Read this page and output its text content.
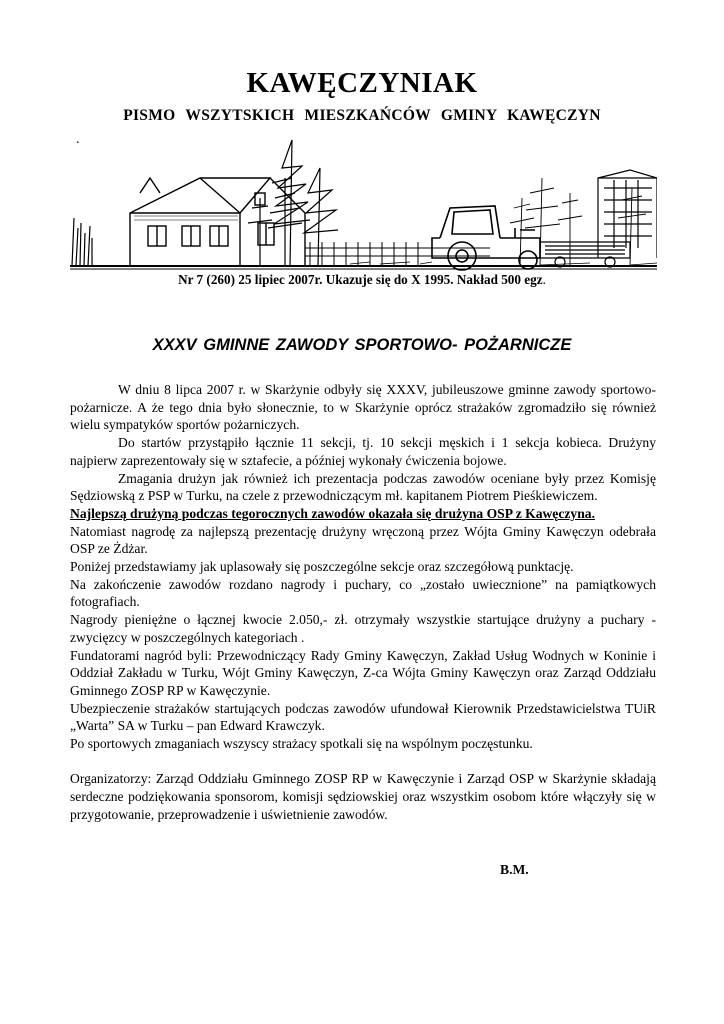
KAWĘCZYNIAK
PISMO WSZYTSKICH MIESZKAŃCÓW GMINY KAWĘCZYN
.
Nr 7 (260) 25 lipiec 2007r. Ukazuje się do X 1995. Nakład 500 egz.
XXXV GMINNE ZAWODY SPORTOWO- POŻARNICZE

W dniu 8 lipca 2007 r. w Skarżynie odbyły się XXXV, jubileuszowe gminne zawody sportowo-pożarnicze. A że tego dnia było słonecznie, to w Skarżynie oprócz strażaków zgromadziło się również wielu sympatyków sportów pożarniczych.

Do startów przystąpiło łącznie 11 sekcji, tj. 10 sekcji męskich i 1 sekcja kobieca. Drużyny najpierw zaprezentowały się w sztafecie, a później wykonały ćwiczenia bojowe.

Zmagania drużyn jak również ich prezentacja podczas zawodów oceniane były przez Komisję Sędziowską z PSP w Turku, na czele z przewodniczącym mł. kapitanem Piotrem Pieśkiewiczem.

Najlepszą drużyną podczas tegorocznych zawodów okazała się drużyna OSP z Kawęczyna.

Natomiast nagrodę za najlepszą prezentację drużyny wręczoną przez Wójta Gminy Kawęczyn odebrała OSP ze Żdżar.

Poniżej przedstawiamy jak uplasowały się poszczególne sekcje oraz szczegółową punktację.

Na zakończenie zawodów rozdano nagrody i puchary, co „zostało uwiecznione” na pamiątkowych fotografiach.

Nagrody pieniężne o łącznej kwocie 2.050,- zł. otrzymały wszystkie startujące drużyny a puchary - zwycięzcy w poszczególnych kategoriach .

Fundatorami nagród byli: Przewodniczący Rady Gminy Kawęczyn, Zakład Usług Wodnych w Koninie i Oddział Zakładu w Turku, Wójt Gminy Kawęczyn, Z-ca Wójta Gminy Kawęczyn oraz Zarząd Oddziału Gminnego ZOSP RP w Kawęczynie.

Ubezpieczenie strażaków startujących podczas zawodów ufundował Kierownik Przedstawicielstwa TUiR „Warta” SA w Turku – pan Edward Krawczyk.

Po sportowych zmaganiach wszyscy strażacy spotkali się na wspólnym poczęstunku.

Organizatorzy: Zarząd Oddziału Gminnego ZOSP RP w Kawęczynie i Zarząd OSP w Skarżynie składają serdeczne podziękowania sponsorom, komisji sędziowskiej oraz wszystkim osobom które włączyły się w przygotowanie, przeprowadzenie i uświetnienie zawodów.

B.M.
